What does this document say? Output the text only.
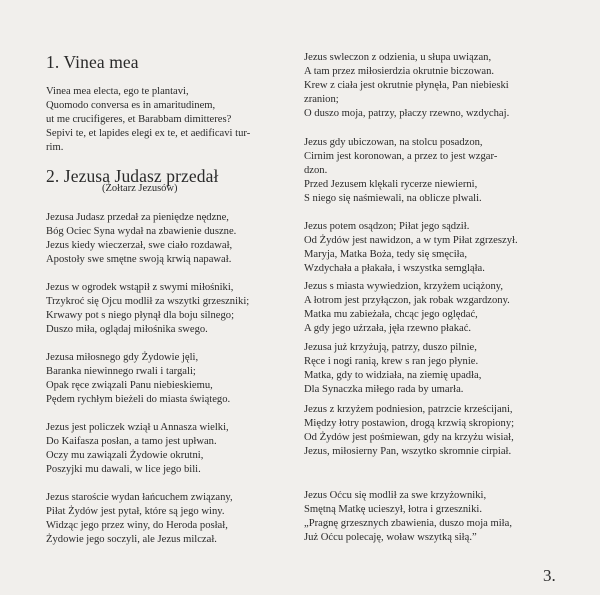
1. Vinea mea
Vinea mea electa, ego te plantavi,
Quomodo conversa es in amaritudinem,
ut me crucifigeres, et Barabbam dimitteres?
Sepivi te, et lapides elegi ex te, et aedificavi tur-
rim.
2. Jezusa Judasz przedał
(Żołtarz Jezusów)
Jezusa Judasz przedał za pieniędze nędzne,
Bóg Ociec Syna wydał na zbawienie duszne.
Jezus kiedy wieczerzał, swe ciało rozdawał,
Apostoły swe smętne swoją krwią napawał.
Jezus w ogrodek wstąpił z swymi miłośniki,
Trzykroć się Ojcu modlił za wszytki grzeszniki;
Krwawy pot s niego płynął dla boju silnego;
Duszo miła, oglądaj miłośnika swego.
Jezusa miłosnego gdy Żydowie jęli,
Baranka niewinnego rwali i targali;
Opak ręce związali Panu niebieskiemu,
Pędem rychłym bieżeli do miasta świątego.
Jezus jest policzek wziął u Annasza wielki,
Do Kaifasza posłan, a tamo jest upłwan.
Oczy mu zawiązali Żydowie okrutni,
Poszyjki mu dawali, w lice jego bili.
Jezus staroście wydan łańcuchem związany,
Piłat Żydów jest pytał, które są jego winy.
Widząc jego przez winy, do Heroda posłał,
Żydowie jego soczyli, ale Jezus milczał.
Jezus swleczon z odzienia, u słupa uwiązan,
A tam przez miłosierdzia okrutnie biczowan.
Krew z ciała jest okrutnie płynęła, Pan niebieski
zranion;
O duszo moja, patrzy, płaczy rzewno, wzdychaj.
Jezus gdy ubiczowan, na stolcu posadzon,
Cirnim jest koronowan, a przez to jest wzgar-
dzon.
Przed Jezusem klękali rycerze niewierni,
S niego się naśmiewali, na oblicze plwali.
Jezus potem osądzon; Piłat jego sądził.
Od Żydów jest nawidzon, a w tym Piłat zgrzeszył.
Maryja, Matka Boża, tedy się smęciła,
Wzdychała a płakała, i wszystka semgląła.
Jezus s miasta wywiedzion, krzyżem uciążony,
A łotrom jest przyłączon, jak robak wzgardzony.
Matka mu zabieżała, chcąc jego oględać,
A gdy jego uźrzała, jęła rzewno płakać.
Jezusa już krzyżują, patrzy, duszo pilnie,
Ręce i nogi ranią, krew s ran jego płynie.
Matka, gdy to widziała, na ziemię upadła,
Dla Synaczka miłego rada by umarła.
Jezus z krzyżem podniesion, patrzcie krześcijani,
Między łotry postawion, drogą krzwią skropiony;
Od Żydów jest pośmiewan, gdy na krzyżu wisiał,
Jezus, miłosierny Pan, wszytko skromnie cirpiał.
Jezus Oćcu się modlił za swe krzyżowniki,
Smętną Matkę ucieszył, łotra i grzeszniki.
„Pragnę grzesznych zbawienia, duszo moja miła,
Już Oćcu polecaję, woław wszytką siłą.”
3.
